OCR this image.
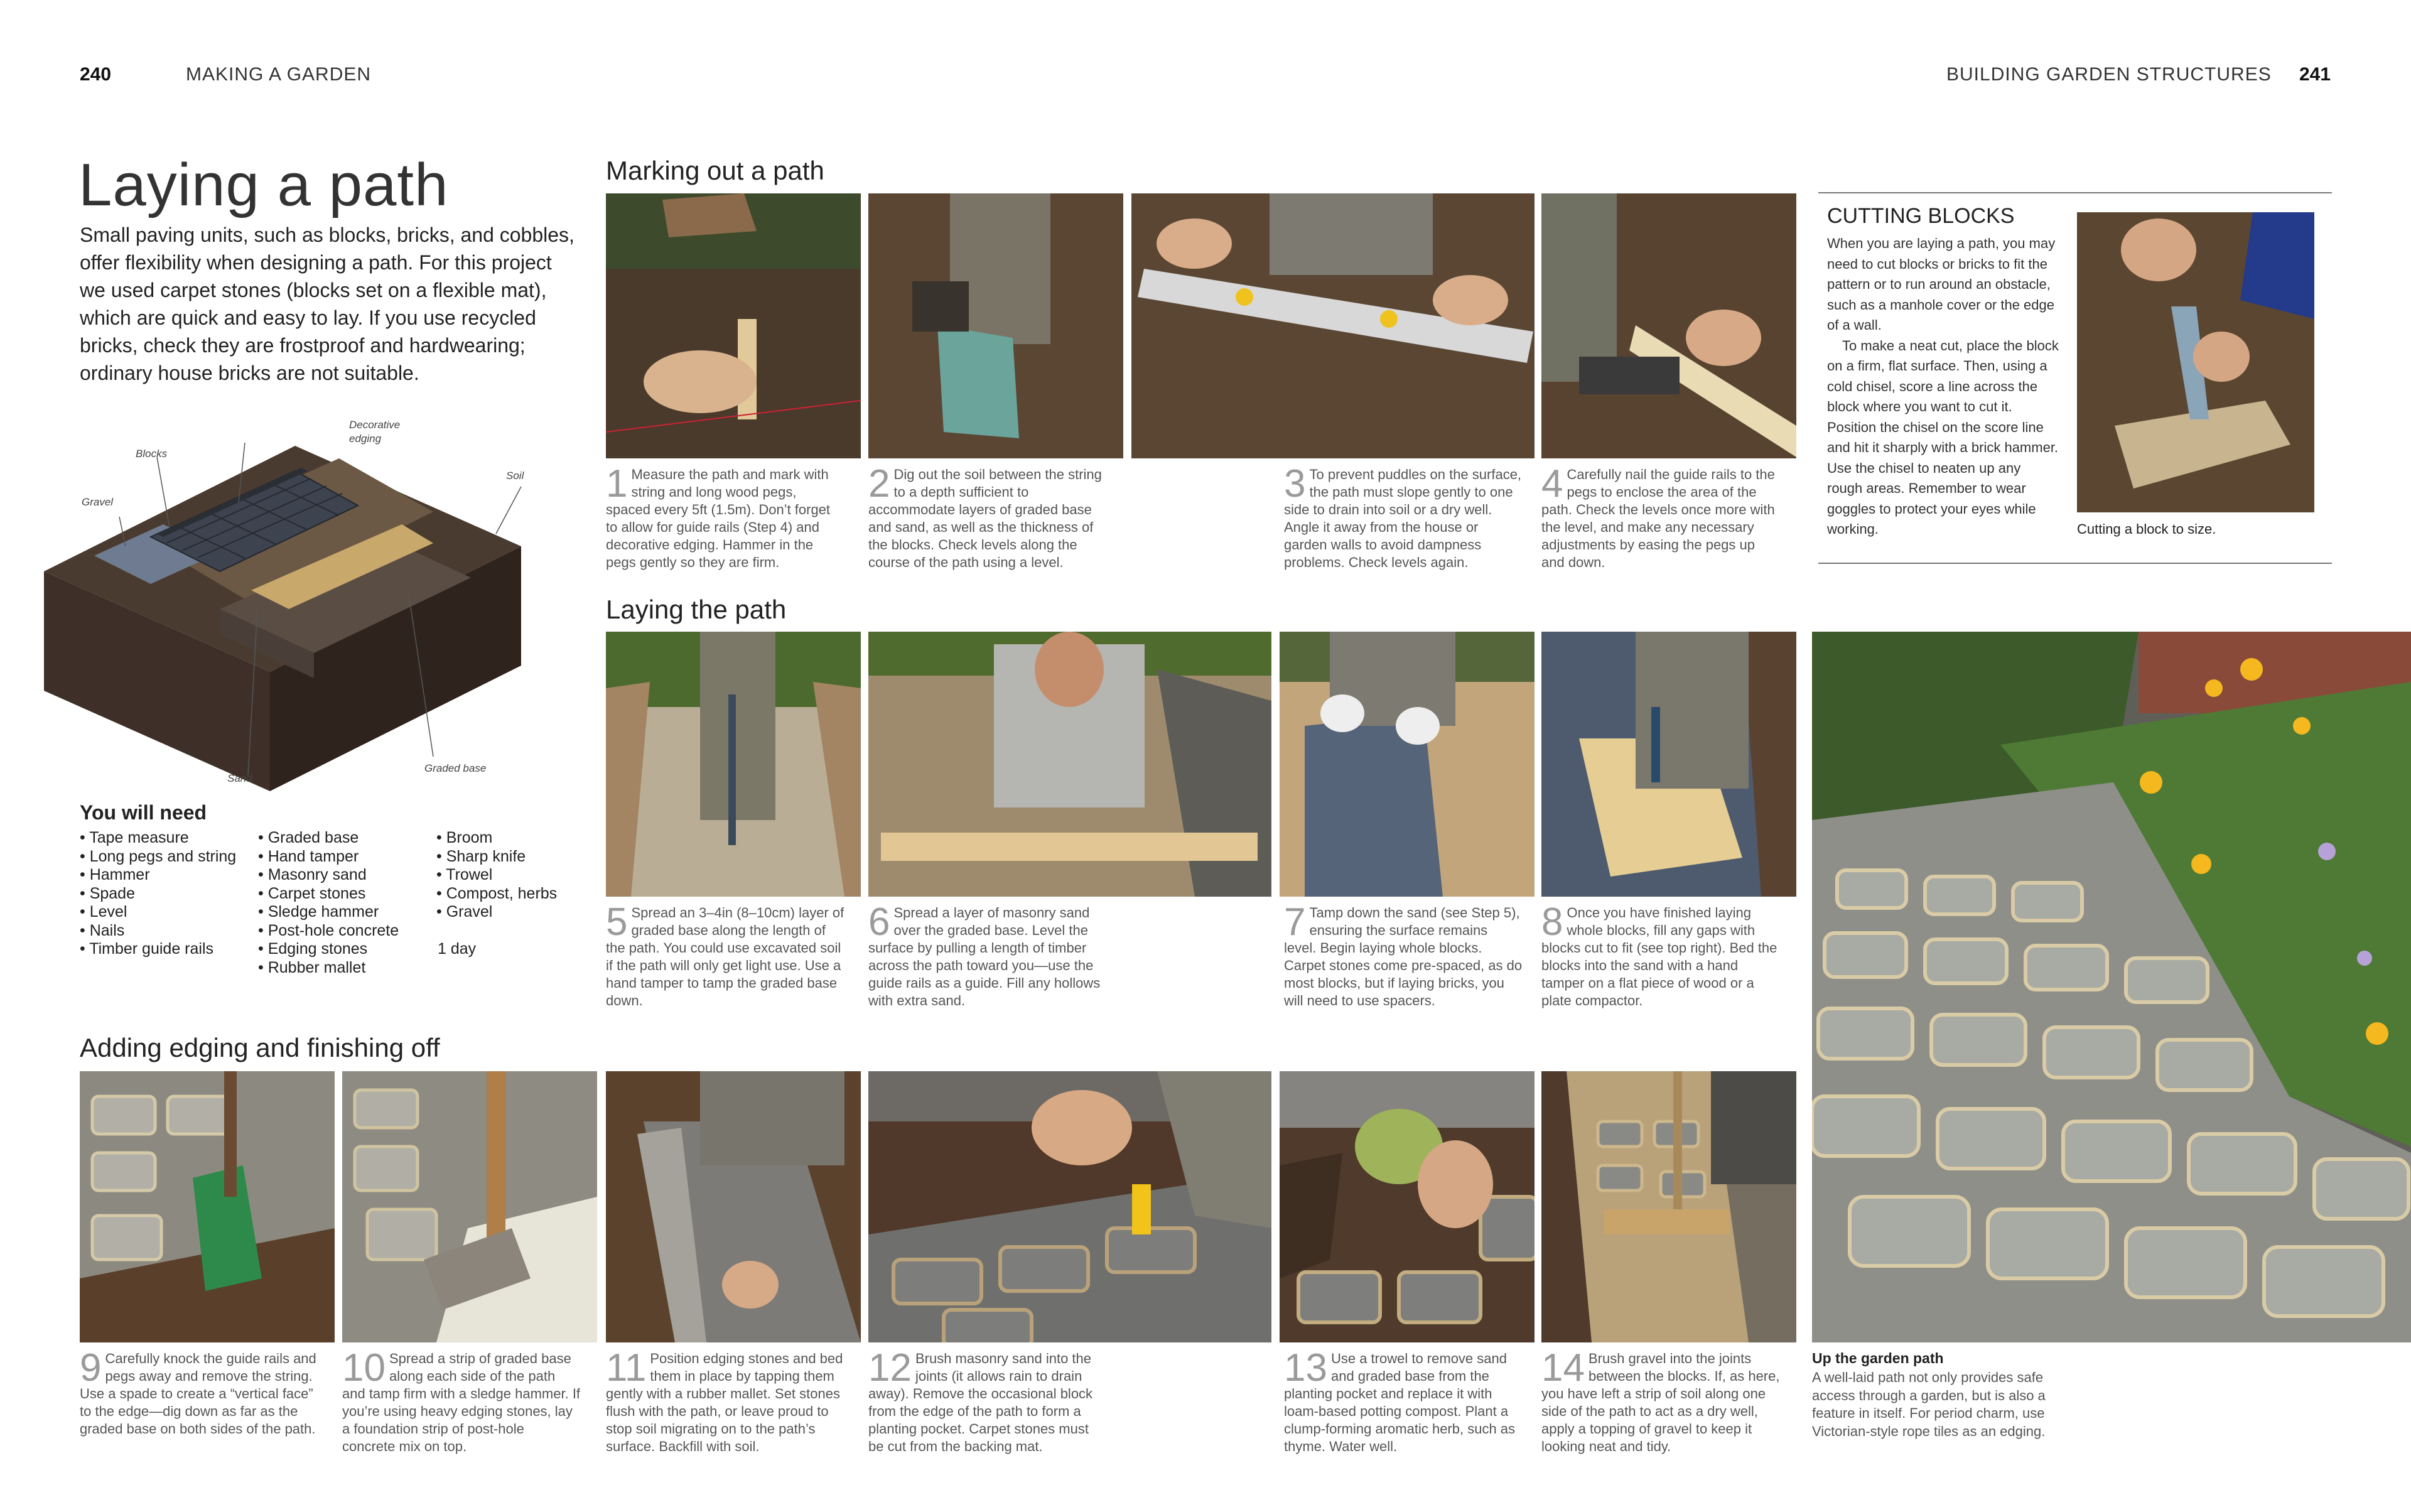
240	MAKING A GARDEN	BUILDING GARDEN STRUCTURES 241
Laying a path
Small paving units, such as blocks, bricks, and cobbles, offer flexibility when designing a path. For this project we used carpet stones (blocks set on a flexible mat), which are quick and easy to lay. If you use recycled bricks, check they are frostproof and hardwearing; ordinary house bricks are not suitable.
Decorative edging
Blocks
Soil
Gravel
Sand
Graded base
You will need
• Tape measure
• Long pegs and string
• Hammer
• Spade
• Level
• Nails
• Timber guide rails
• Graded base
• Hand tamper
• Masonry sand
• Carpet stones
• Sledge hammer
• Post-hole concrete
• Edging stones
• Rubber mallet
• Broom
• Sharp knife
• Trowel
• Compost, herbs
• Gravel
1 day
Marking out a path
Laying the path
Adding edging and finishing off
1 Measure the path and mark with string and long wood pegs, spaced every 5ft (1.5m). Don’t forget to allow for guide rails (Step 4) and decorative edging. Hammer in the pegs gently so they are firm.
2 Dig out the soil between the string to a depth sufficient to accommodate layers of graded base and sand, as well as the thickness of the blocks. Check levels along the course of the path using a level.
3 To prevent puddles on the surface, the path must slope gently to one side to drain into soil or a dry well. Angle it away from the house or garden walls to avoid dampness problems. Check levels again.
4 Carefully nail the guide rails to the pegs to enclose the area of the path. Check the levels once more with the level, and make any necessary adjustments by easing the pegs up and down.
CUTTING BLOCKS
When you are laying a path, you may need to cut blocks or bricks to fit the pattern or to run around an obstacle, such as a manhole cover or the edge of a wall.
To make a neat cut, place the block on a firm, flat surface. Then, using a cold chisel, score a line across the block where you want to cut it. Position the chisel on the score line and hit it sharply with a brick hammer. Use the chisel to neaten up any rough areas. Remember to wear goggles to protect your eyes while working.	Cutting a block to size.
5 Spread an 3–4in (8–10cm) layer of graded base along the length of the path. You could use excavated soil if the path will only get light use. Use a hand tamper to tamp the graded base down.
6 Spread a layer of masonry sand over the graded base. Level the surface by pulling a length of timber across the path toward you—use the guide rails as a guide. Fill any hollows with extra sand.
7 Tamp down the sand (see Step 5), ensuring the surface remains level. Begin laying whole blocks. Carpet stones come pre-spaced, as do most blocks, but if laying bricks, you will need to use spacers.
8 Once you have finished laying whole blocks, fill any gaps with blocks cut to fit (see top right). Bed the blocks into the sand with a hand tamper on a flat piece of wood or a plate compactor.
9 Carefully knock the guide rails and pegs away and remove the string. Use a spade to create a “vertical face” to the edge—dig down as far as the graded base on both sides of the path.
10 Spread a strip of graded base along each side of the path and tamp firm with a sledge hammer. If you’re using heavy edging stones, lay a foundation strip of post-hole concrete mix on top.
11 Position edging stones and bed them in place by tapping them gently with a rubber mallet. Set stones flush with the path, or leave proud to stop soil migrating on to the path’s surface. Backfill with soil.
12 Brush masonry sand into the joints (it allows rain to drain away). Remove the occasional block from the edge of the path to form a planting pocket. Carpet stones must be cut from the backing mat.
13 Use a trowel to remove sand and graded base from the planting pocket and replace it with loam-based potting compost. Plant a clump-forming aromatic herb, such as thyme. Water well.
14 Brush gravel into the joints between the blocks. If, as here, you have left a strip of soil along one side of the path to act as a dry well, apply a topping of gravel to keep it looking neat and tidy.
Up the garden path
A well-laid path not only provides safe access through a garden, but is also a feature in itself. For period charm, use Victorian-style rope tiles as an edging.
